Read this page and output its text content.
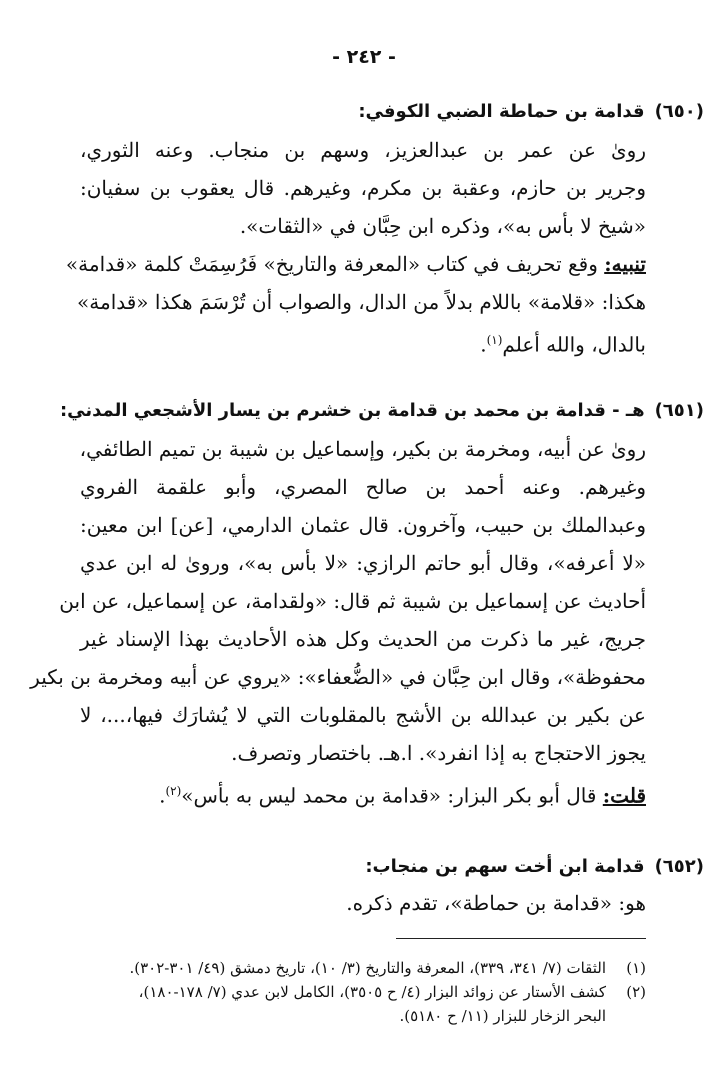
- ٢٤٢ -
(٦٥٠)قدامة بن حماطة الضبي الكوفي:
رویٰ عن عمر بن عبدالعزيز، وسهم بن منجاب. وعنه الثوري،
وجرير بن حازم، وعقبة بن مكرم، وغيرهم. قال يعقوب بن سفيان:
«شيخ لا بأس به»، وذكره ابن حِبَّان في «الثقات».
تنبيه: وقع تحريف في كتاب «المعرفة والتاريخ» فَرُسِمَتْ كلمة «قدامة»
هكذا: «قلامة» باللام بدلاً من الدال، والصواب أن تُرْسَمَ هكذا «قدامة»
بالدال، والله أعلم$^{(١)}$.
(٦٥١)هـ - قدامة بن محمد بن قدامة بن خشرم بن يسار الأشجعي المدني:
رویٰ عن أبيه، ومخرمة بن بكير، وإسماعيل بن شيبة بن تميم الطائفي،
وغيرهم. وعنه أحمد بن صالح المصري، وأبو علقمة الفروي
وعبدالملك بن حبيب، وآخرون. قال عثمان الدارمي، [عن] ابن معين:
«لا أعرفه»، وقال أبو حاتم الرازي: «لا بأس به»، وروىٰ له ابن عدي
أحاديث عن إسماعيل بن شيبة ثم قال: «ولقدامة، عن إسماعيل، عن ابن
جريج، غير ما ذكرت من الحديث وكل هذه الأحاديث بهذا الإسناد غير
محفوظة»، وقال ابن حِبَّان في «الضُّعفاء»: «يروي عن أبيه ومخرمة بن بكير
عن بكير بن عبدالله بن الأشج بالمقلوبات التي لا يُشارَك فيها،...، لا
يجوز الاحتجاج به إذا انفرد». ا.هـ. باختصار وتصرف.
قلت: قال أبو بكر البزار: «قدامة بن محمد ليس به بأس»$^{(٢)}$.
(٦٥٢)قدامة ابن أخت سهم بن منجاب:
هو: «قدامة بن حماطة»، تقدم ذكره.
(١)الثقات (٧/ ٣٤١، ٣٣٩)، المعرفة والتاريخ (٣/ ١٠)، تاريخ دمشق (٤٩/ ٣٠١-٣٠٢).
(٢)كشف الأستار عن زوائد البزار (٤/ ح ٣٥٠٥)، الكامل لابن عدي (٧/ ١٧٨-١٨٠)،
البحر الزخار للبزار (١١/ ح ٥١٨٠).
